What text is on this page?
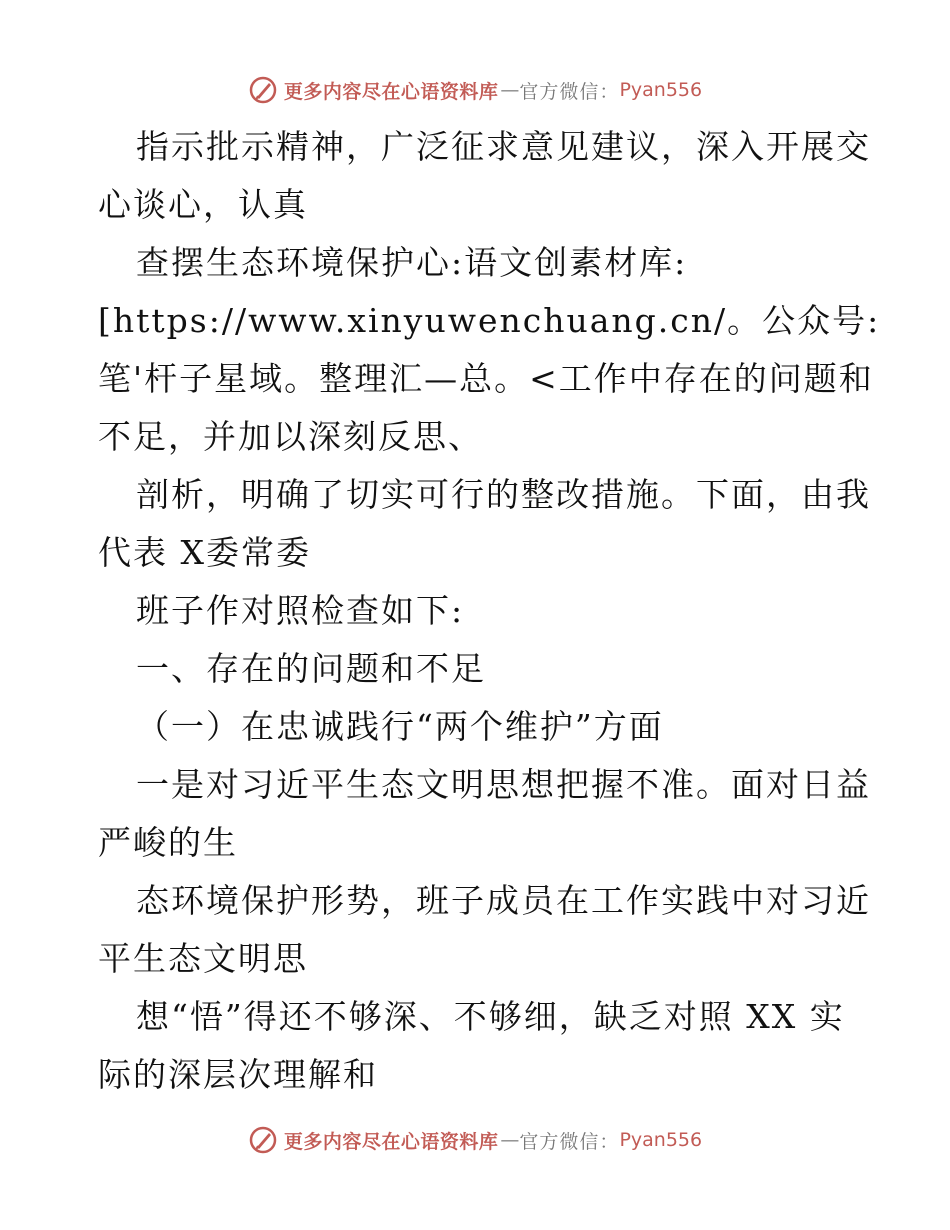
更多内容尽在心语资料库 — 官方微信： Pyan556
指示批示精神，广泛征求意见建议，深入开展交
心谈心，认真
查摆生态环境保护心:语文创素材库:
[https://www.xinyuwenchuang.cn/。公众号:
笔'杆子星域。整理汇—总。<工作中存在的问题和
不足，并加以深刻反思、
剖析，明确了切实可行的整改措施。下面，由我
代表 X委常委
班子作对照检查如下:
一、存在的问题和不足
（一）在忠诚践行“两个维护”方面
一是对习近平生态文明思想把握不准。面对日益
严峻的生
态环境保护形势，班子成员在工作实践中对习近
平生态文明思
想“悟”得还不够深、不够细，缺乏对照 XX 实
际的深层次理解和
更多内容尽在心语资料库 — 官方微信： Pyan556
